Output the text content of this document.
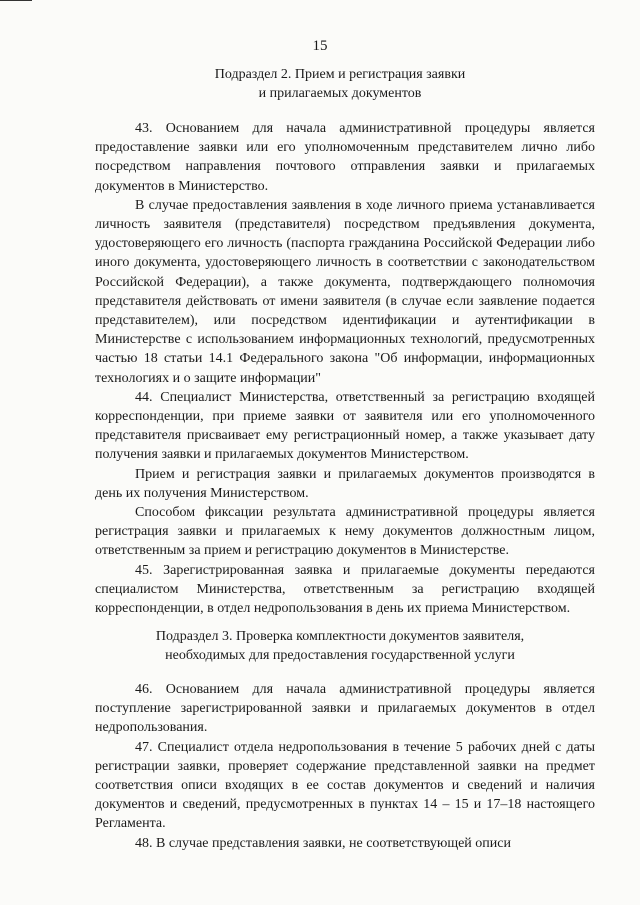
15
Подраздел 2. Прием и регистрация заявки
и прилагаемых документов

43. Основанием для начала административной процедуры является предоставление заявки или его уполномоченным представителем лично либо посредством направления почтового отправления заявки и прилагаемых документов в Министерство.

В случае предоставления заявления в ходе личного приема устанавливается личность заявителя (представителя) посредством предъявления документа, удостоверяющего его личность (паспорта гражданина Российской Федерации либо иного документа, удостоверяющего личность в соответствии с законодательством Российской Федерации), а также документа, подтверждающего полномочия представителя действовать от имени заявителя (в случае если заявление подается представителем), или посредством идентификации и аутентификации в Министерстве с использованием информационных технологий, предусмотренных частью 18 статьи 14.1 Федерального закона "Об информации, информационных технологиях и о защите информации"

44. Специалист Министерства, ответственный за регистрацию входящей корреспонденции, при приеме заявки от заявителя или его уполномоченного представителя присваивает ему регистрационный номер, а также указывает дату получения заявки и прилагаемых документов Министерством.

Прием и регистрация заявки и прилагаемых документов производятся в день их получения Министерством.

Способом фиксации результата административной процедуры является регистрация заявки и прилагаемых к нему документов должностным лицом, ответственным за прием и регистрацию документов в Министерстве.

45. Зарегистрированная заявка и прилагаемые документы передаются специалистом Министерства, ответственным за регистрацию входящей корреспонденции, в отдел недропользования в день их приема Министерством.

Подраздел 3. Проверка комплектности документов заявителя,
необходимых для предоставления государственной услуги

46. Основанием для начала административной процедуры является поступление зарегистрированной заявки и прилагаемых документов в отдел недропользования.

47. Специалист отдела недропользования в течение 5 рабочих дней с даты регистрации заявки, проверяет содержание представленной заявки на предмет соответствия описи входящих в ее состав документов и сведений и наличия документов и сведений, предусмотренных в пунктах 14 – 15 и 17–18 настоящего Регламента.

48. В случае представления заявки, не соответствующей описи
